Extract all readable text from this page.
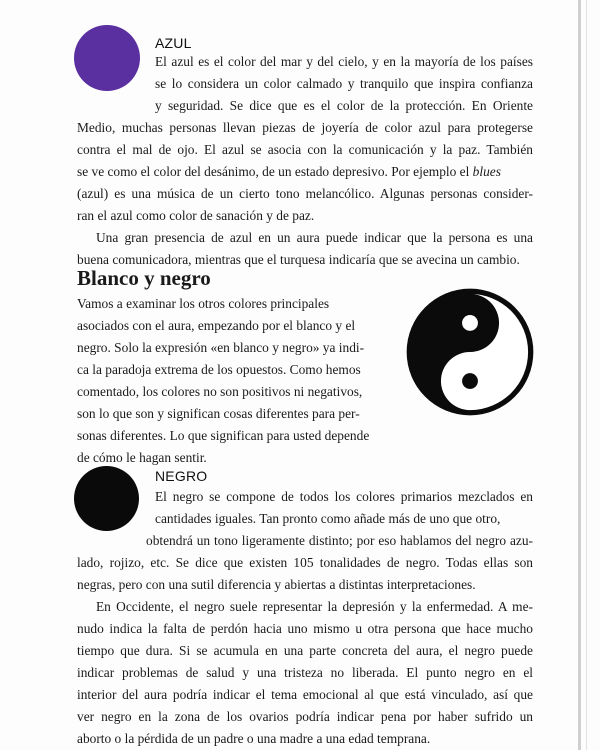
AZUL
El azul es el color del mar y del cielo, y en la mayoría de los países
se lo considera un color calmado y tranquilo que inspira confianza
y seguridad. Se dice que es el color de la protección. En Oriente
Medio, muchas personas llevan piezas de joyería de color azul para protegerse
contra el mal de ojo. El azul se asocia con la comunicación y la paz. También
se ve como el color del desánimo, de un estado depresivo. Por ejemplo el blues
(azul) es una música de un cierto tono melancólico. Algunas personas consider-
ran el azul como color de sanación y de paz.
Una gran presencia de azul en un aura puede indicar que la persona es una
buena comunicadora, mientras que el turquesa indicaría que se avecina un cambio.
Blanco y negro
Vamos a examinar los otros colores principales
asociados con el aura, empezando por el blanco y el
negro. Solo la expresión «en blanco y negro» ya indi-
ca la paradoja extrema de los opuestos. Como hemos
comentado, los colores no son positivos ni negativos,
son lo que son y significan cosas diferentes para per-
sonas diferentes. Lo que significan para usted depende
de cómo le hagan sentir.
NEGRO
El negro se compone de todos los colores primarios mezclados en
cantidades iguales. Tan pronto como añade más de uno que otro,
obtendrá un tono ligeramente distinto; por eso hablamos del negro azu-
lado, rojizo, etc. Se dice que existen 105 tonalidades de negro. Todas ellas son
negras, pero con una sutil diferencia y abiertas a distintas interpretaciones.
En Occidente, el negro suele representar la depresión y la enfermedad. A me-
nudo indica la falta de perdón hacia uno mismo u otra persona que hace mucho
tiempo que dura. Si se acumula en una parte concreta del aura, el negro puede
indicar problemas de salud y una tristeza no liberada. El punto negro en el
interior del aura podría indicar el tema emocional al que está vinculado, así que
ver negro en la zona de los ovarios podría indicar pena por haber sufrido un
aborto o la pérdida de un padre o una madre a una edad temprana.
